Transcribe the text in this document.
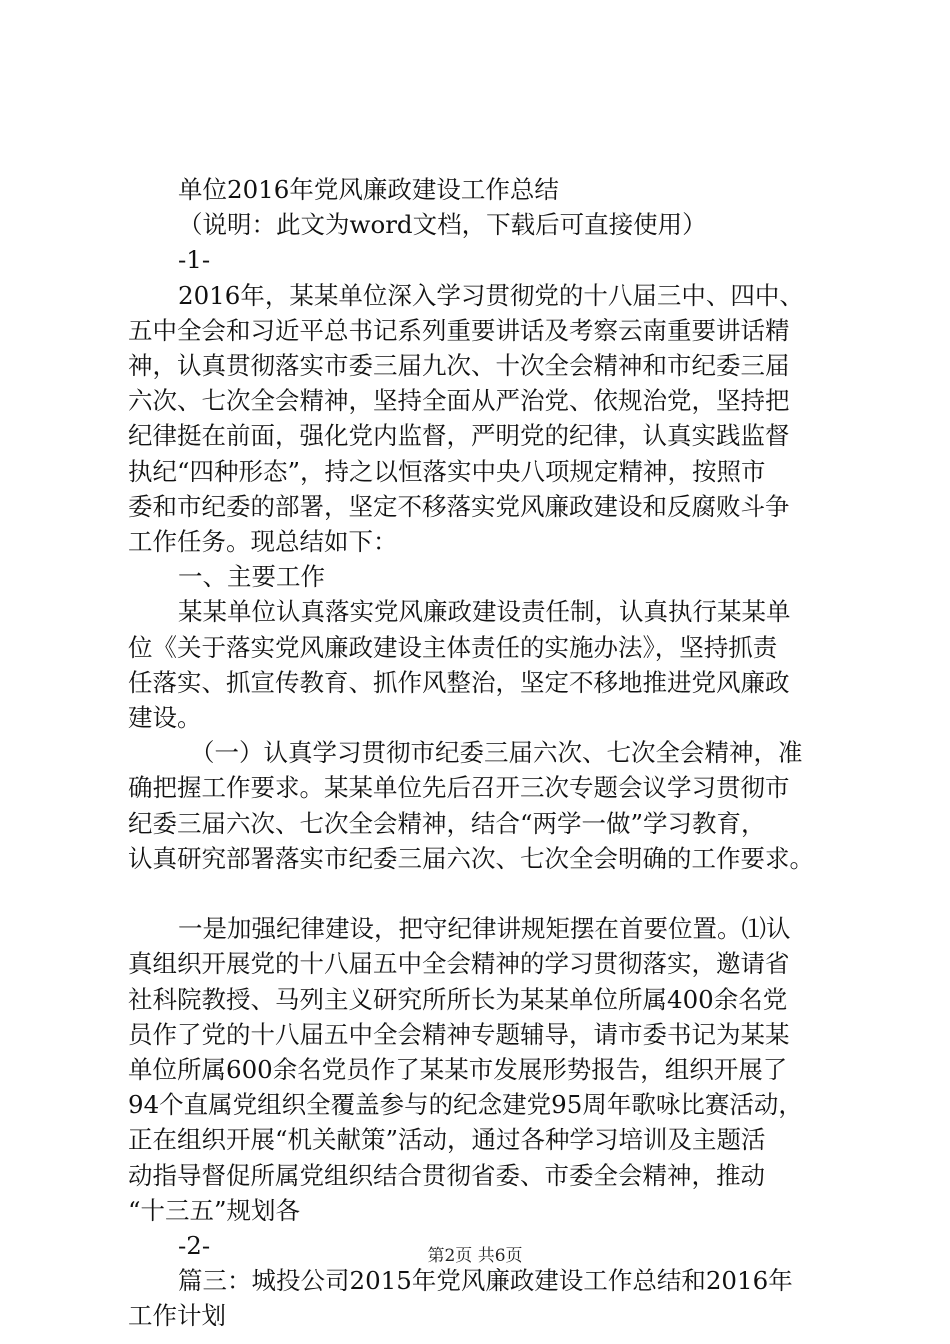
单位2016年党风廉政建设工作总结
（说明：此文为word文档，下载后可直接使用）
-1-
2016年，某某单位深入学习贯彻党的十八届三中、四中、
五中全会和习近平总书记系列重要讲话及考察云南重要讲话精
神，认真贯彻落实市委三届九次、十次全会精神和市纪委三届
六次、七次全会精神，坚持全面从严治党、依规治党，坚持把
纪律挺在前面，强化党内监督，严明党的纪律，认真实践监督
执纪“四种形态”，持之以恒落实中央八项规定精神，按照市
委和市纪委的部署，坚定不移落实党风廉政建设和反腐败斗争
工作任务。现总结如下：
一、主要工作
某某单位认真落实党风廉政建设责任制，认真执行某某单
位《关于落实党风廉政建设主体责任的实施办法》，坚持抓责
任落实、抓宣传教育、抓作风整治，坚定不移地推进党风廉政
建设。
（一）认真学习贯彻市纪委三届六次、七次全会精神，准
确把握工作要求。某某单位先后召开三次专题会议学习贯彻市
纪委三届六次、七次全会精神，结合“两学一做”学习教育，
认真研究部署落实市纪委三届六次、七次全会明确的工作要求。
一是加强纪律建设，把守纪律讲规矩摆在首要位置。⑴认
真组织开展党的十八届五中全会精神的学习贯彻落实，邀请省
社科院教授、马列主义研究所所长为某某单位所属400余名党
员作了党的十八届五中全会精神专题辅导，请市委书记为某某
单位所属600余名党员作了某某市发展形势报告，组织开展了
94个直属党组织全覆盖参与的纪念建党95周年歌咏比赛活动，
正在组织开展“机关献策”活动，通过各种学习培训及主题活
动指导督促所属党组织结合贯彻省委、市委全会精神，推动
“十三五”规划各
-2-
篇三：城投公司2015年党风廉政建设工作总结和2016年
工作计划
第2页 共6页
